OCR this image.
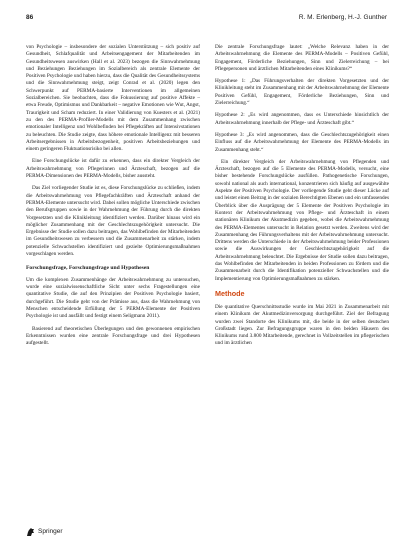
86	R. M. Erlenberg, H.-J. Gunther

von Psychologie – insbesondere der sozialen Unterstützung – sich positiv auf Gesundheit, Schlafqualität und Arbeitsengagement der Mitarbeitenden im Gesundheitswesen auswirken (Hall et al. 2023) bezogen die Sinnwahrnehmung und Beziehungen Beziehungen im Sozialbereich als zentrale Elemente der Positiven Psychologie und haben hierzu, dass die Qualität des Gesundheitssystems und die Sinnwahrnehmung steigt, zeigt Conrad et al. (2020) legen den Schwerpunkt auf PERMA-basierte Interventionen im allgemeinen Sozialbereichen. Sie beobachten, dass die Fokussierung auf positive Affekte – etwa Freude, Optimismus und Dankbarkeit – negative Emotionen wie Wut, Angst, Traurigkeit und Scham reduziert. In einer Validierung von Kuesters et al. (2021) zu den des PERMA-Profiler-Modells mit dem Zusammenhang zwischen emotionaler Intelligenz und Wohlbefinden bei Pflegekräften auf Intensivstationen zu beleuchten. Die Studie zeigte, dass höhere emotionale Intelligenz mit besseren Arbeitsergebnissen in Arbeitsbezogenheit, positiven Arbeitsbeziehungen und einem geringeren Fluktuationsrisiko bei allen.

Eine Forschungslücke ist dafür zu erkennen, dass ein direkter Vergleich der Arbeitswahrnehmung von Pflegerinnen und Ärzteschaft, bezogen auf die PERMA-Dimensionen des PERMA-Modells, bisher aussteht.

Das Ziel vorliegender Studie ist es, diese Forschungslücke zu schließen, indem die Arbeitswahrnehmung von Pflegefachkräften und Ärzteschaft anhand der PERMA-Elemente untersucht wird. Dabei sollen mögliche Unterschiede zwischen den Berufsgruppen sowie in der Wahrnehmung der Führung durch die direkten Vorgesetzten und die Klinikleitung identifiziert werden. Darüber hinaus wird ein möglicher Zusammenhang mit der Geschlechtszugehörigkeit untersucht. Die Ergebnisse der Studie sollen dazu beitragen, das Wohlbefinden der Mitarbeitenden im Gesundheitswesen zu verbessern und die Zusammenarbeit zu stärken, indem potenzielle Schwachstellen identifiziert und gezielte Optimierungsmaßnahmen vorgeschlagen werden.

Forschungsfrage, Forschungsfrage und Hypothesen

Um die komplexen Zusammenhänge der Arbeitswahrnehmung zu untersuchen, wurde eine sozialwissenschaftliche Sicht unter sechs Fragestellungen eine quantitative Studie, die auf den Prinzipien der Positiven Psychologie basiert, durchgeführt. Die Studie geht von der Prämisse aus, dass die Wahrnehmung von Menschen entscheidende Erfüllung der 5 PERMA-Elemente der Positiven Psychologie ist und ausfällt und festigt einem Seligmann 2011).

Basierend auf theoretischen Überlegungen und den gewonnenen empirischen Erkenntnissen wurden eine zentrale Forschungsfrage und drei Hypothesen aufgestellt.

Die zentrale Forschungsfrage lautet: „Welche Relevanz haben in der Arbeitswahrnehmung die Elemente des PERMA-Modells – Positiven Gefühl, Engagement, Förderliche Beziehungen, Sinn und Zielerreichung – bei Pflegepersonen und ärztlichen Mitarbeitenden eines Klinikums?“

Hypothese 1: „Das Führungsverhalten der direkten Vorgesetzten und der Klinikleitung steht im Zusammenhang mit der Arbeitswahrnehmung der Elemente Positiven Gefühl, Engagement, Förderliche Beziehungen, Sinn und Zielerreichung.“

Hypothese 2: „Es wird angenommen, dass es Unterschiede hinsichtlich der Arbeitswahrnehmung innerhalb der Pflege- und Ärzteschaft gibt.“

Hypothese 3: „Es wird angenommen, dass die Geschlechtszugehörigkeit einen Einfluss auf die Arbeitswahrnehmung der Elemente des PERMA-Modells im Zusammenhang steht.“

Ein direkter Vergleich der Arbeitswahrnehmung von Pflegenden und Ärzteschaft, bezogen auf die 5 Elemente des PERMA-Modells, versucht, eine bisher bestehende Forschungslücke ausfüllen. Pathogenetische Forschungen, sowohl national als auch international, konzentrieren sich häufig auf ausgewählte Aspekte der Positiven Psychologie. Der vorliegende Studie geht dieser Lücke auf und leistet einen Beitrag in der sozialen Berechtigten Ebenen und ein umfassendes Überblick über die Ausprägung der 5 Elemente der Positiven Psychologie im Kontext der Arbeitswahrnehmung von Pflege- und Ärzteschaft in einem stationären Klinikum der Akutmedizin gegeben, wobei die Arbeitswahrnehmung des PERMA-Elementes untersucht in Relation gesetzt werden. Zweitens wird der Zusammenhang des Führungsverhaltens mit der Arbeitswahrnehmung untersucht. Drittens werden die Unterschiede in der Arbeitswahrnehmung beider Professionen sowie die Auswirkungen der Geschlechtszugehörigkeit auf die Arbeitswahrnehmung beleuchtet. Die Ergebnisse der Studie sollen dazu beitragen, das Wohlbefinden der Mitarbeitenden in beiden Professionen zu fördern und die Zusammenarbeit durch die Identifikation potenzieller Schwachstellen und die Implementierung von Optimierungsmaßnahmen zu stärken.

Methode

Die quantitative Querschnittsstudie wurde im Mai 2021 in Zusammenarbeit mit einem Klinikum der Akutmedizinversorgung durchgeführt. Ziel der Befragung wurden zwei Standorte des Klinikums mit, die beide in der selben deutschen Großstadt liegen. Zur Befragungsgruppe waren in den beiden Häusern des Klinikums rund 3.800 Mitarbeitende, gerechnet in Vollzeitstellen im pflegerischen und im ärztlichen

Springer
